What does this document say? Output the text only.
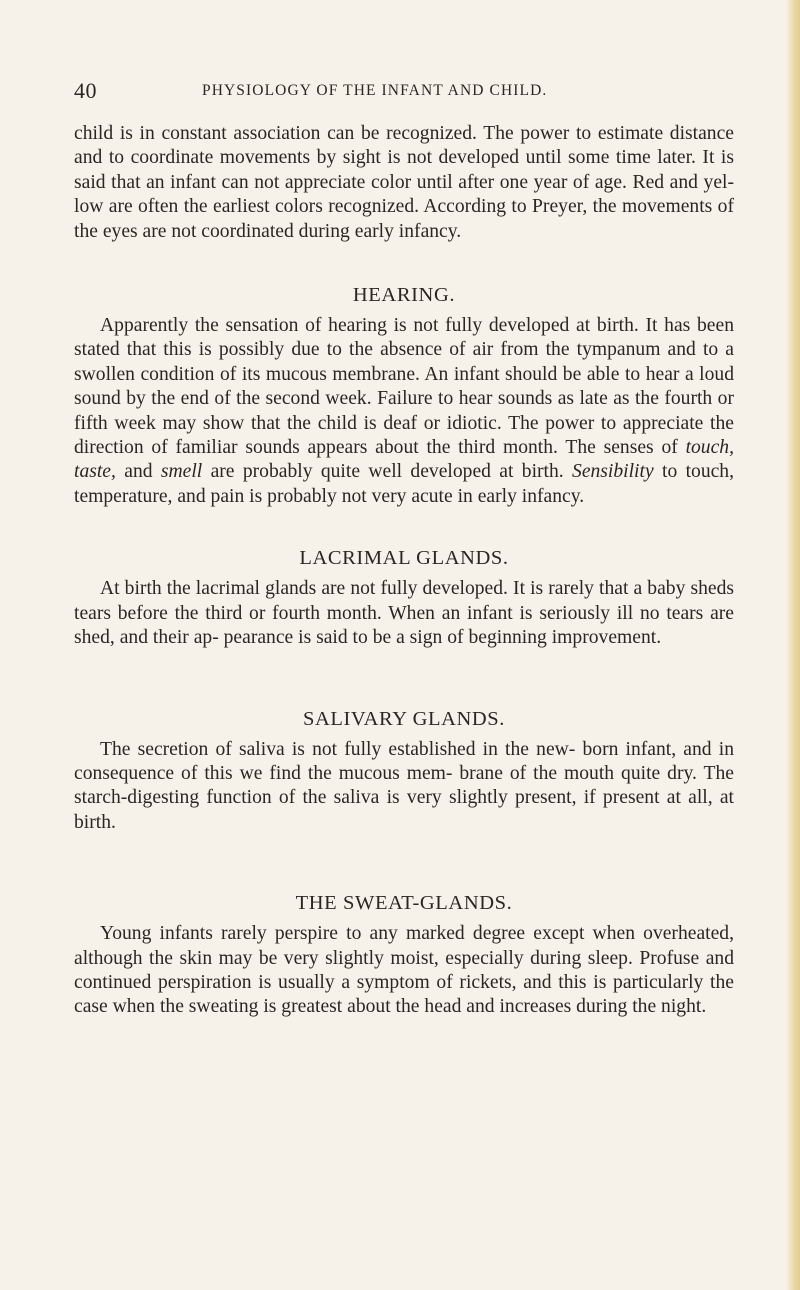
40	PHYSIOLOGY OF THE INFANT AND CHILD.

child is in constant association can be recognized. The power to estimate distance and to coordinate movements by sight is not developed until some time later. It is said that an infant can not appreciate color until after one year of age. Red and yel- low are often the earliest colors recognized. According to Preyer, the movements of the eyes are not coordinated during early infancy.

HEARING.

Apparently the sensation of hearing is not fully developed at birth. It has been stated that this is possibly due to the absence of air from the tympanum and to a swollen condition of its mucous membrane. An infant should be able to hear a loud sound by the end of the second week. Failure to hear sounds as late as the fourth or fifth week may show that the child is deaf or idiotic. The power to appreciate the direction of familiar sounds appears about the third month. The senses of touch, taste, and smell are probably quite well developed at birth. Sensibility to touch, temperature, and pain is probably not very acute in early infancy.

LACRIMAL GLANDS.

At birth the lacrimal glands are not fully developed. It is rarely that a baby sheds tears before the third or fourth month. When an infant is seriously ill no tears are shed, and their ap- pearance is said to be a sign of beginning improvement.

SALIVARY GLANDS.

The secretion of saliva is not fully established in the new- born infant, and in consequence of this we find the mucous mem- brane of the mouth quite dry. The starch-digesting function of the saliva is very slightly present, if present at all, at birth.

THE SWEAT-GLANDS.

Young infants rarely perspire to any marked degree except when overheated, although the skin may be very slightly moist, especially during sleep. Profuse and continued perspiration is usually a symptom of rickets, and this is particularly the case when the sweating is greatest about the head and increases during the night.
